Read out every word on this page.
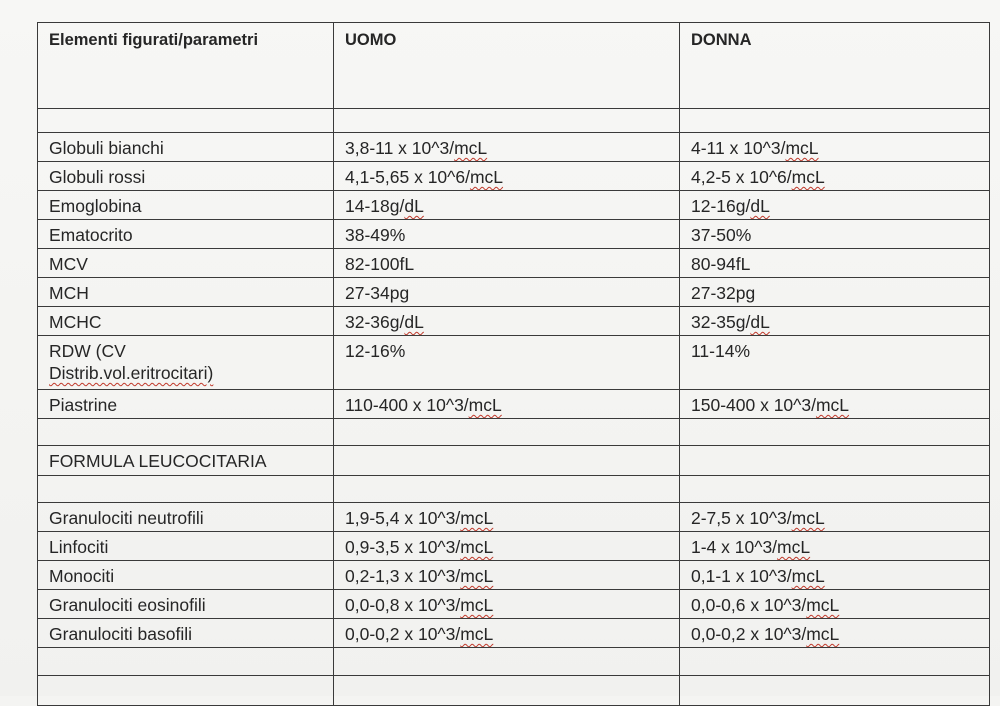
Elementi figurati/parametri	UOMO	DONNA

Globuli bianchi	3,8-11 x 10^3/mcL	4-11 x 10^3/mcL
Globuli rossi	4,1-5,65 x 10^6/mcL	4,2-5 x 10^6/mcL
Emoglobina	14-18g/dL	12-16g/dL
Ematocrito	38-49%	37-50%
MCV	82-100fL	80-94fL
MCH	27-34pg	27-32pg
MCHC	32-36g/dL	32-35g/dL

RDW (CV
Distrib.vol.eritrocitari)	12-16%	11-14%
Piastrine	110-400 x 10^3/mcL	150-400 x 10^3/mcL

FORMULA LEUCOCITARIA		

Granulociti neutrofili	1,9-5,4 x 10^3/mcL	2-7,5 x 10^3/mcL
Linfociti	0,9-3,5 x 10^3/mcL	1-4 x 10^3/mcL
Monociti	0,2-1,3 x 10^3/mcL	0,1-1 x 10^3/mcL
Granulociti eosinofili	0,0-0,8 x 10^3/mcL	0,0-0,6 x 10^3/mcL
Granulociti basofili	0,0-0,2 x 10^3/mcL	0,0-0,2 x 10^3/mcL
